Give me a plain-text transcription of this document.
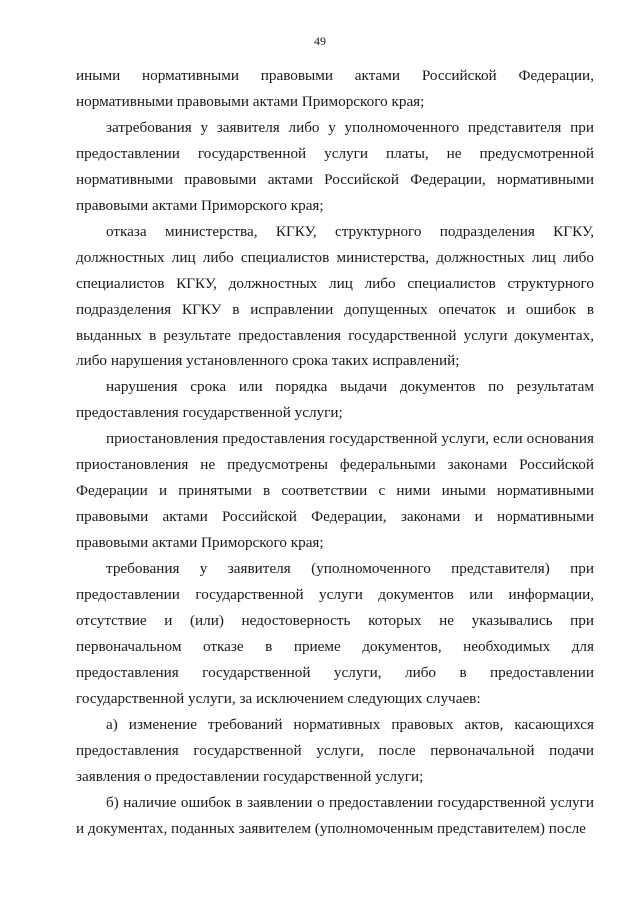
49

иными нормативными правовыми актами Российской Федерации, нормативными правовыми актами Приморского края;

затребования у заявителя либо у уполномоченного представителя при предоставлении государственной услуги платы, не предусмотренной нормативными правовыми актами Российской Федерации, нормативными правовыми актами Приморского края;

отказа министерства, КГКУ, структурного подразделения КГКУ, должностных лиц либо специалистов министерства, должностных лиц либо специалистов КГКУ, должностных лиц либо специалистов структурного подразделения КГКУ в исправлении допущенных опечаток и ошибок в выданных в результате предоставления государственной услуги документах, либо нарушения установленного срока таких исправлений;

нарушения срока или порядка выдачи документов по результатам предоставления государственной услуги;

приостановления предоставления государственной услуги, если основания приостановления не предусмотрены федеральными законами Российской Федерации и принятыми в соответствии с ними иными нормативными правовыми актами Российской Федерации, законами и нормативными правовыми актами Приморского края;

требования у заявителя (уполномоченного представителя) при предоставлении государственной услуги документов или информации, отсутствие и (или) недостоверность которых не указывались при первоначальном отказе в приеме документов, необходимых для предоставления государственной услуги, либо в предоставлении государственной услуги, за исключением следующих случаев:

а) изменение требований нормативных правовых актов, касающихся предоставления государственной услуги, после первоначальной подачи заявления о предоставлении государственной услуги;

б) наличие ошибок в заявлении о предоставлении государственной услуги и документах, поданных заявителем (уполномоченным представителем) после
